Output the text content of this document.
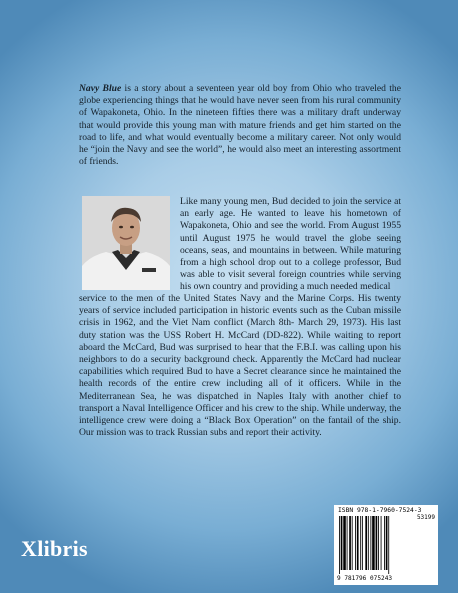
Navy Blue is a story about a seventeen year old boy from Ohio who traveled the globe experiencing things that he would have never seen from his rural community of Wapakoneta, Ohio. In the nineteen fifties there was a military draft underway that would provide this young man with mature friends and get him started on the road to life, and what would eventually become a military career. Not only would he “join the Navy and see the world”, he would also meet an interesting assortment of friends.

Like many young men, Bud decided to join the service at an early age. He wanted to leave his hometown of Wapakoneta, Ohio and see the world. From August 1955 until August 1975 he would travel the globe seeing oceans, seas, and mountains in between. While maturing from a high school drop out to a college professor, Bud was able to visit several foreign countries while serving his own country and providing a much needed medical

service to the men of the United States Navy and the Marine Corps. His twenty years of service included participation in historic events such as the Cuban missile crisis in 1962, and the Viet Nam conflict (March 8th- March 29, 1973). His last duty station was the USS Robert H. McCard (DD-822). While waiting to report aboard the McCard, Bud was surprised to hear that the F.B.I. was calling upon his neighbors to do a security background check. Apparently the McCard had nuclear capabilities which required Bud to have a Secret clearance since he maintained the health records of the entire crew including all of it officers. While in the Mediterranean Sea, he was dispatched in Naples Italy with another chief to transport a Naval Intelligence Officer and his crew to the ship. While underway, the intelligence crew were doing a “Black Box Operation” on the fantail of the ship. Our mission was to track Russian subs and report their activity.

Xlibris
ISBN 978-1-7960-7524-3
53199
9 781796 075243
